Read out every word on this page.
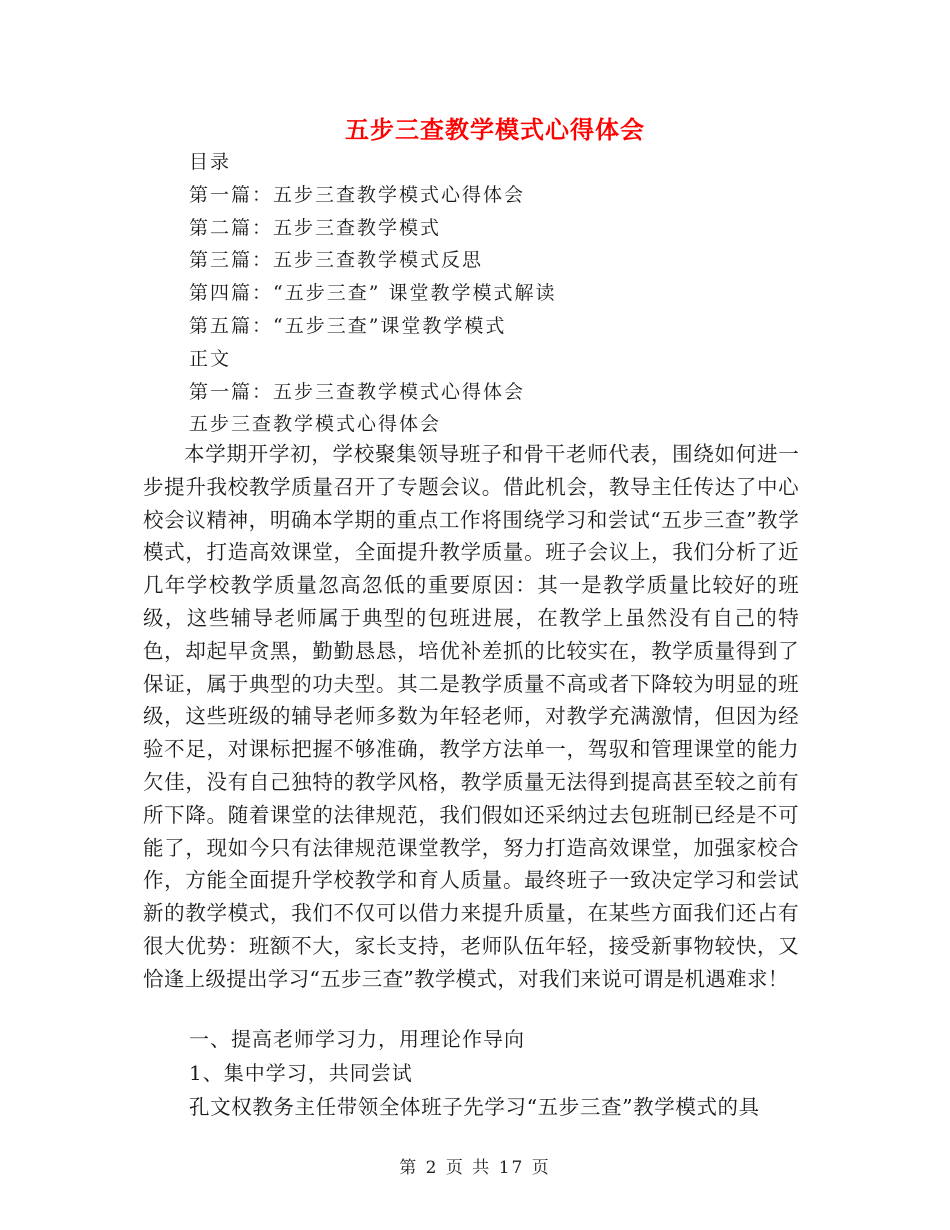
五步三查教学模式心得体会
目录
第一篇：五步三查教学模式心得体会
第二篇：五步三查教学模式
第三篇：五步三查教学模式反思
第四篇：“五步三查” 课堂教学模式解读
第五篇：“五步三查”课堂教学模式
正文
第一篇：五步三查教学模式心得体会
五步三查教学模式心得体会
本学期开学初，学校聚集领导班子和骨干老师代表，围绕如何进一步提升我校教学质量召开了专题会议。借此机会，教导主任传达了中心校会议精神，明确本学期的重点工作将围绕学习和尝试“五步三查”教学模式，打造高效课堂，全面提升教学质量。班子会议上，我们分析了近几年学校教学质量忽高忽低的重要原因：其一是教学质量比较好的班级，这些辅导老师属于典型的包班进展，在教学上虽然没有自己的特色，却起早贪黑，勤勤恳恳，培优补差抓的比较实在，教学质量得到了保证，属于典型的功夫型。其二是教学质量不高或者下降较为明显的班级，这些班级的辅导老师多数为年轻老师，对教学充满激情，但因为经验不足，对课标把握不够准确，教学方法单一，驾驭和管理课堂的能力欠佳，没有自己独特的教学风格，教学质量无法得到提高甚至较之前有所下降。随着课堂的法律规范，我们假如还采纳过去包班制已经是不可能了，现如今只有法律规范课堂教学，努力打造高效课堂，加强家校合作，方能全面提升学校教学和育人质量。最终班子一致决定学习和尝试新的教学模式，我们不仅可以借力来提升质量，在某些方面我们还占有很大优势：班额不大，家长支持，老师队伍年轻，接受新事物较快，又恰逢上级提出学习“五步三查”教学模式，对我们来说可谓是机遇难求！
一、提高老师学习力，用理论作导向
1、集中学习，共同尝试
孔文权教务主任带领全体班子先学习“五步三查”教学模式的具
第 2 页 共 17 页
